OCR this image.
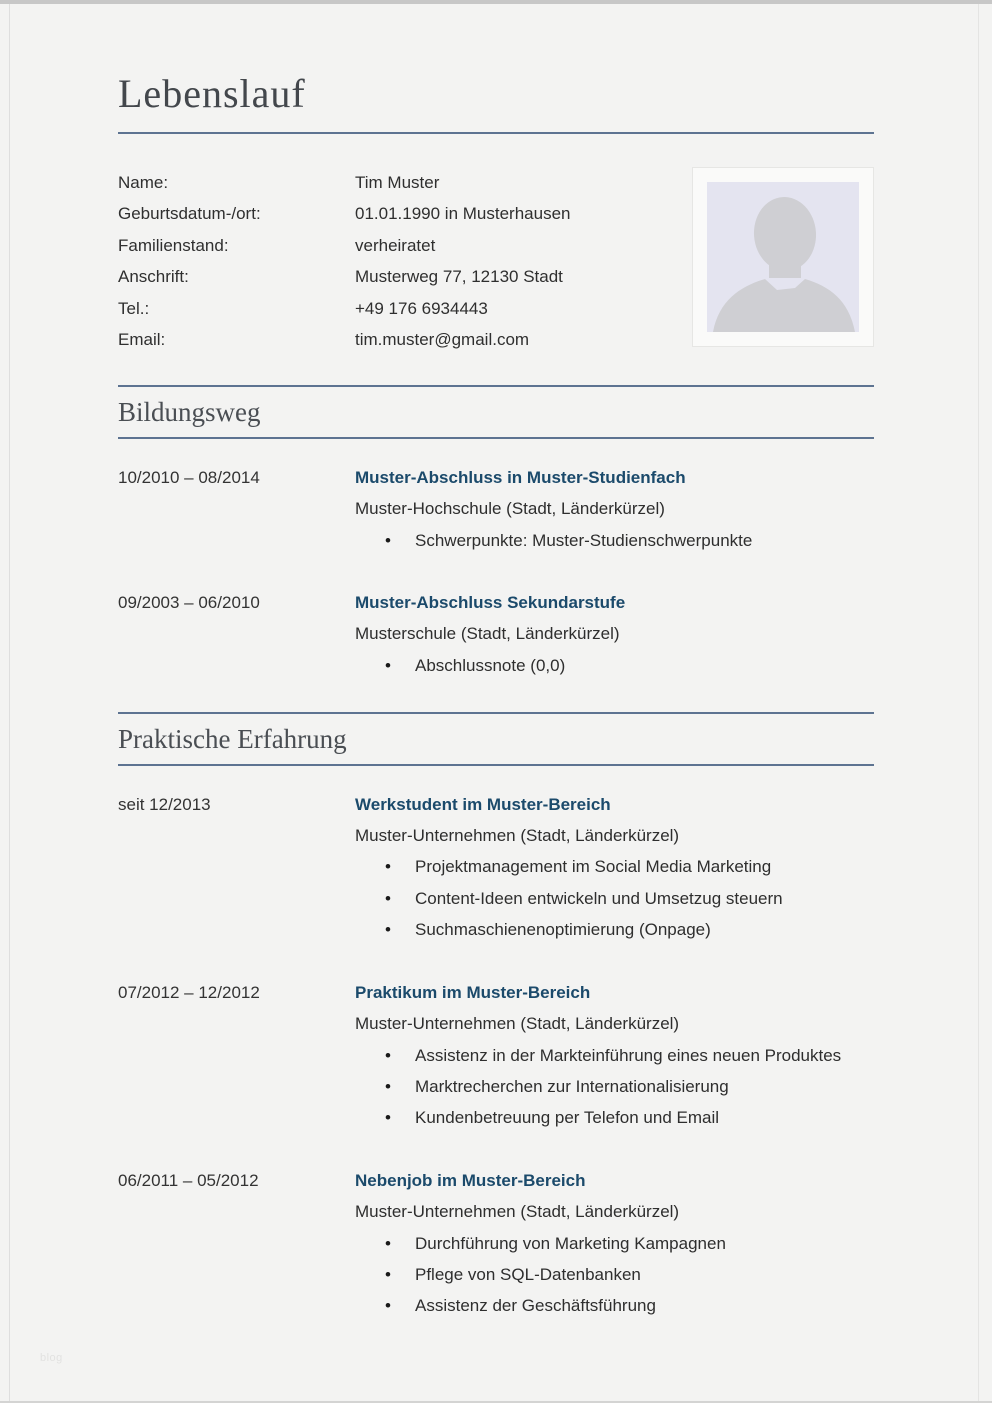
Lebenslauf
Name:	Tim Muster
Geburtsdatum-/ort:	01.01.1990 in Musterhausen
Familienstand:	verheiratet
Anschrift:	Musterweg 77, 12130 Stadt
Tel.:	+49 176 6934443
Email:	tim.muster@gmail.com
Bildungsweg
10/2010 – 08/2014	Muster-Abschluss in Muster-Studienfach
Muster-Hochschule (Stadt, Länderkürzel)
• Schwerpunkte: Muster-Studienschwerpunkte
09/2003 – 06/2010	Muster-Abschluss Sekundarstufe
Musterschule (Stadt, Länderkürzel)
• Abschlussnote (0,0)
Praktische Erfahrung
seit 12/2013	Werkstudent im Muster-Bereich
Muster-Unternehmen (Stadt, Länderkürzel)
• Projektmanagement im Social Media Marketing
• Content-Ideen entwickeln und Umsetzug steuern
• Suchmaschienenoptimierung (Onpage)
07/2012 – 12/2012	Praktikum im Muster-Bereich
Muster-Unternehmen (Stadt, Länderkürzel)
• Assistenz in der Markteinführung eines neuen Produktes
• Marktrecherchen zur Internationalisierung
• Kundenbetreuung per Telefon und Email
06/2011 – 05/2012	Nebenjob im Muster-Bereich
Muster-Unternehmen (Stadt, Länderkürzel)
• Durchführung von Marketing Kampagnen
• Pflege von SQL-Datenbanken
• Assistenz der Geschäftsführung
blog
